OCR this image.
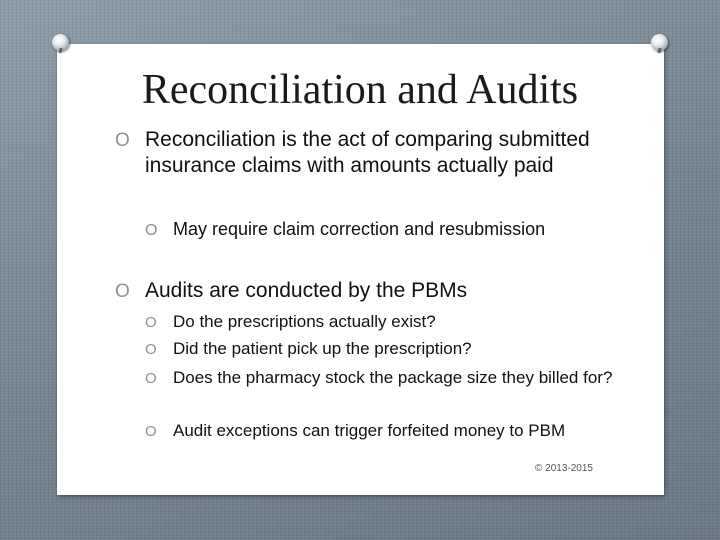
Reconciliation and Audits
O Reconciliation is the act of comparing submitted insurance claims with amounts actually paid
O May require claim correction and resubmission
O Audits are conducted by the PBMs
O Do the prescriptions actually exist?
O Did the patient pick up the prescription?
O Does the pharmacy stock the package size they billed for?
O Audit exceptions can trigger forfeited money to PBM
© 2013-2015
